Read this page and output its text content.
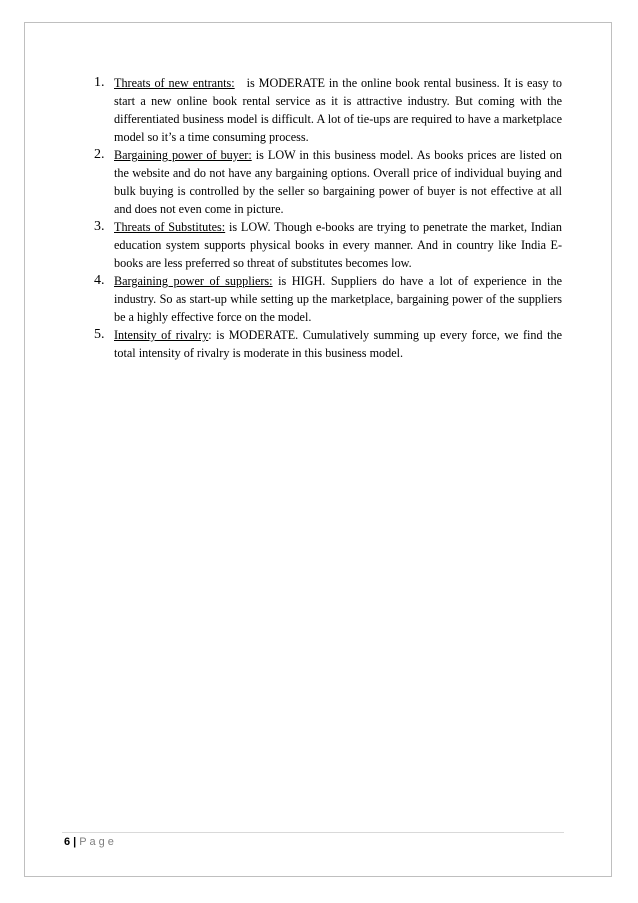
1. Threats of new entrants: is MODERATE in the online book rental business. It is easy to start a new online book rental service as it is attractive industry. But coming with the differentiated business model is difficult. A lot of tie-ups are required to have a marketplace model so it’s a time consuming process.
2. Bargaining power of buyer: is LOW in this business model. As books prices are listed on the website and do not have any bargaining options. Overall price of individual buying and bulk buying is controlled by the seller so bargaining power of buyer is not effective at all and does not even come in picture.
3. Threats of Substitutes: is LOW. Though e-books are trying to penetrate the market, Indian education system supports physical books in every manner. And in country like India E-books are less preferred so threat of substitutes becomes low.
4. Bargaining power of suppliers: is HIGH. Suppliers do have a lot of experience in the industry. So as start-up while setting up the marketplace, bargaining power of the suppliers be a highly effective force on the model.
5. Intensity of rivalry: is MODERATE. Cumulatively summing up every force, we find the total intensity of rivalry is moderate in this business model.
6 | Page
